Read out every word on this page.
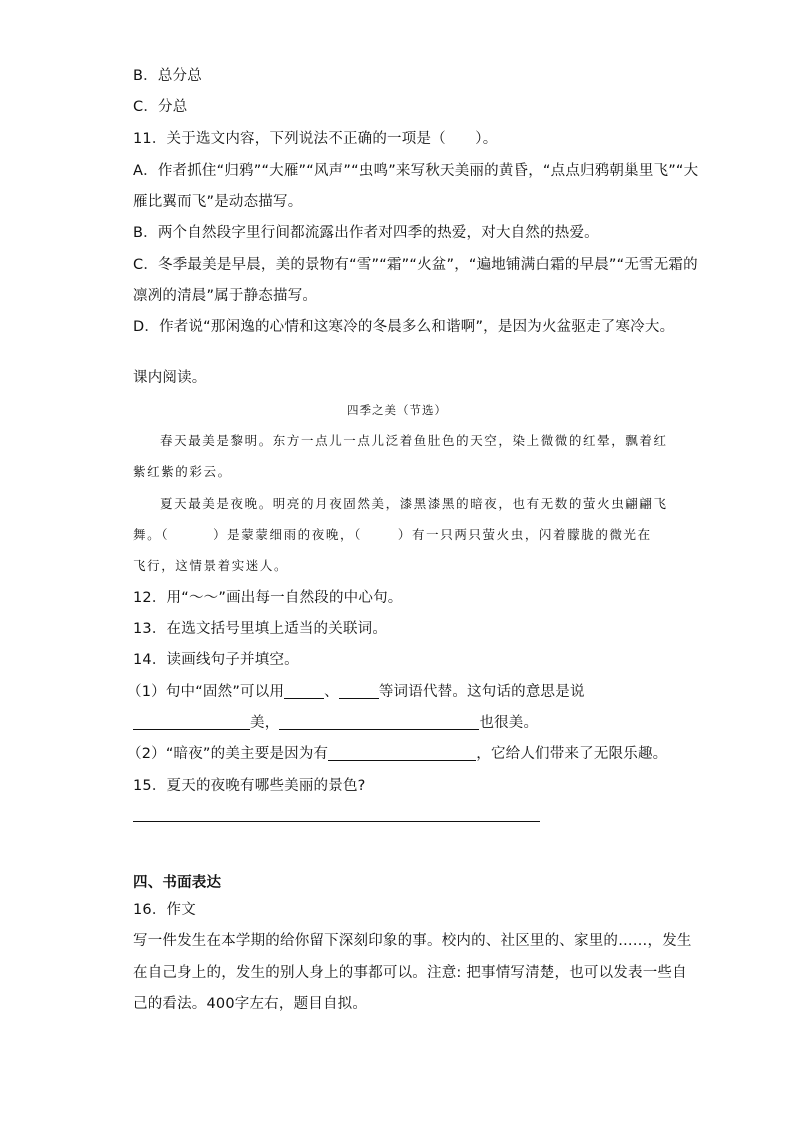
B．总分总

C．分总

11．关于选文内容，下列说法不正确的一项是（　　）。

A．作者抓住“归鸦”“大雁”“风声”“虫鸣”来写秋天美丽的黄昏，“点点归鸦朝巢里飞”“大

雁比翼而飞”是动态描写。

B．两个自然段字里行间都流露出作者对四季的热爱，对大自然的热爱。

C．冬季最美是早晨，美的景物有“雪”“霜”“火盆”，“遍地铺满白霜的早晨”“无雪无霜的

凛冽的清晨”属于静态描写。

D．作者说“那闲逸的心情和这寒冷的冬晨多么和谐啊”，是因为火盆驱走了寒冷大。

课内阅读。

四季之美（节选）

春天最美是黎明。东方一点儿一点儿泛着鱼肚色的天空，染上微微的红晕，飘着红

紫红紫的彩云。

夏天最美是夜晚。明亮的月夜固然美，漆黑漆黑的暗夜，也有无数的萤火虫翩翩飞

舞。（	）是蒙蒙细雨的夜晚，（	）有一只两只萤火虫，闪着朦胧的微光在

飞行，这情景着实迷人。

12．用“～～”画出每一自然段的中心句。

13．在选文括号里填上适当的关联词。

14．读画线句子并填空。

（1）句中“固然”可以用	、	等词语代替。这句话的意思是说

美，	也很美。

（2）“暗夜”的美主要是因为有	，它给人们带来了无限乐趣。

15．夏天的夜晚有哪些美丽的景色?

四、书面表达

16．作文

写一件发生在本学期的给你留下深刻印象的事。校内的、社区里的、家里的……，发生

在自己身上的，发生的别人身上的事都可以。注意: 把事情写清楚，也可以发表一些自

己的看法。400字左右，题目自拟。
